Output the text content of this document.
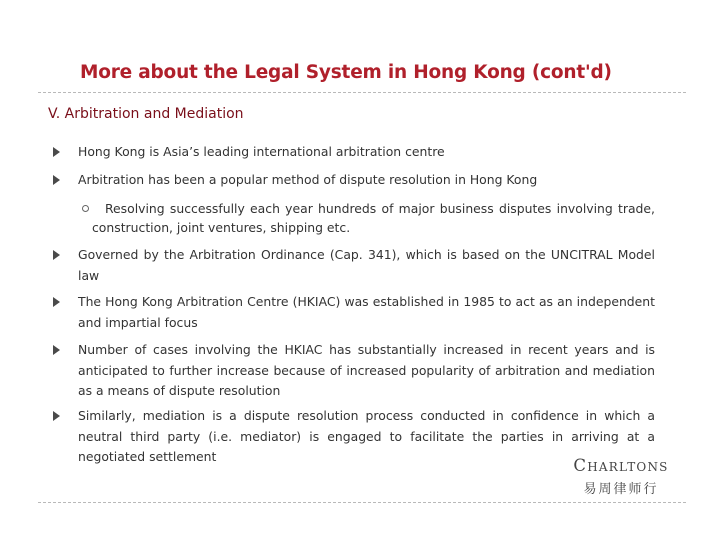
More about the Legal System in Hong Kong (cont'd)
V. Arbitration and Mediation
Hong Kong is Asia’s leading international arbitration centre
Arbitration has been a popular method of dispute resolution in Hong Kong
Resolving successfully each year hundreds of major business disputes involving trade, construction, joint ventures, shipping etc.
Governed by the Arbitration Ordinance (Cap. 341), which is based on the UNCITRAL Model law
The Hong Kong Arbitration Centre (HKIAC) was established in 1985 to act as an independent and impartial focus
Number of cases involving the HKIAC has substantially increased in recent years and is anticipated to further increase because of increased popularity of arbitration and mediation as a means of dispute resolution
Similarly, mediation is a dispute resolution process conducted in confidence in which a neutral third party (i.e. mediator) is engaged to facilitate the parties in arriving at a negotiated settlement	Charltons
易周律师行
